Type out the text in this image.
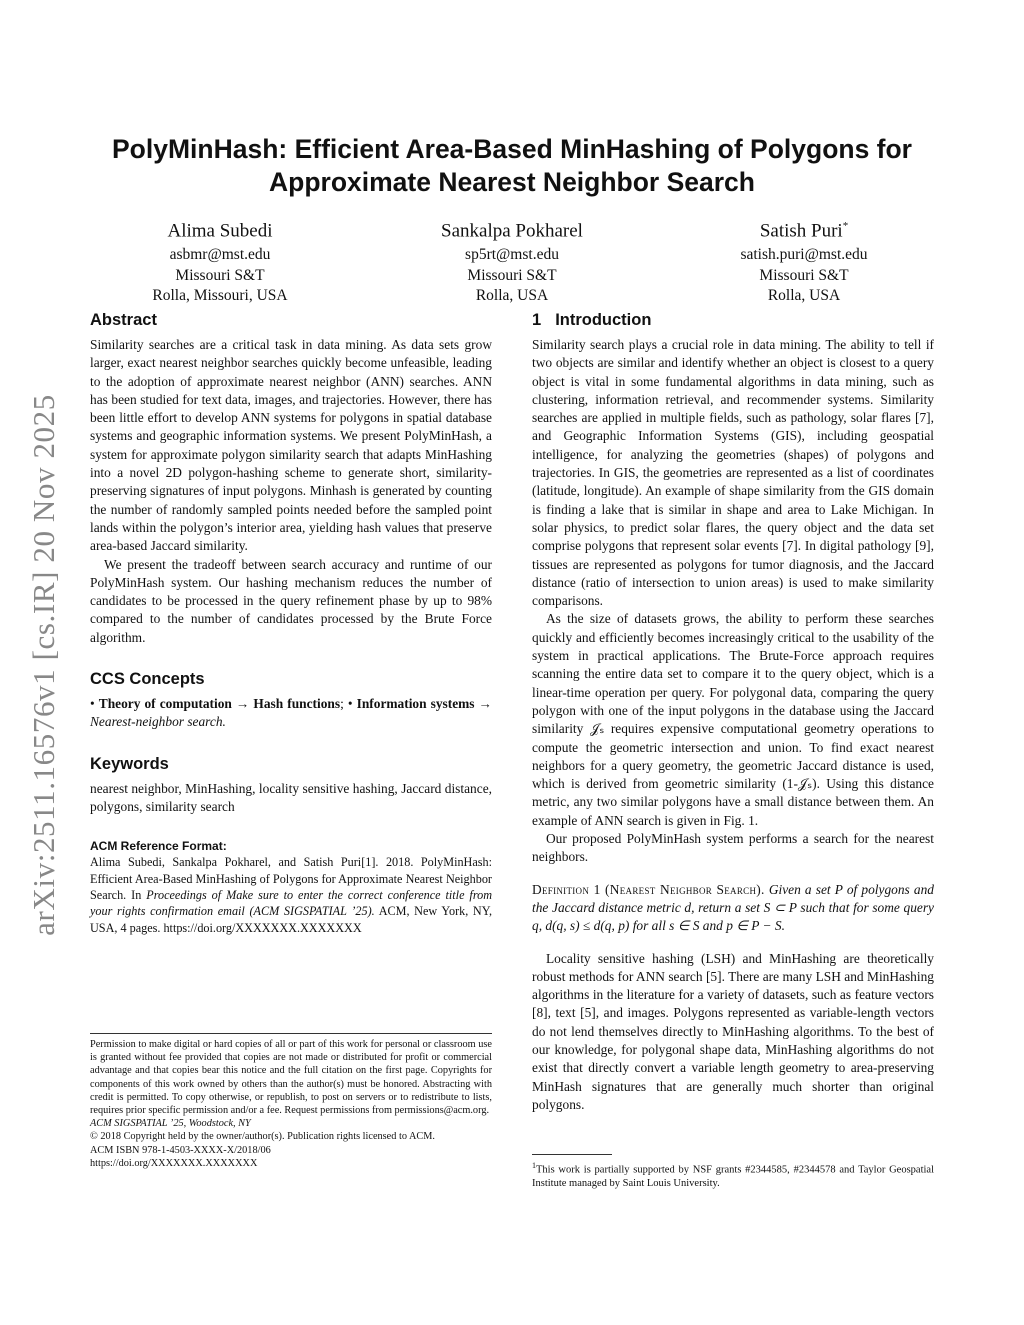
arXiv:2511.16576v1 [cs.IR] 20 Nov 2025
PolyMinHash: Efficient Area-Based MinHashing of Polygons for Approximate Nearest Neighbor Search
Alima Subedi
asbmr@mst.edu
Missouri S&T
Rolla, Missouri, USA
Sankalpa Pokharel
sp5rt@mst.edu
Missouri S&T
Rolla, USA
Satish Puri*
satish.puri@mst.edu
Missouri S&T
Rolla, USA
Abstract

Similarity searches are a critical task in data mining. As data sets grow larger, exact nearest neighbor searches quickly become unfeasible, leading to the adoption of approximate nearest neighbor (ANN) searches. ANN has been studied for text data, images, and trajectories. However, there has been little effort to develop ANN systems for polygons in spatial database systems and geographic information systems. We present PolyMinHash, a system for approximate polygon similarity search that adapts MinHashing into a novel 2D polygon-hashing scheme to generate short, similarity-preserving signatures of input polygons. Minhash is generated by counting the number of randomly sampled points needed before the sampled point lands within the polygon’s interior area, yielding hash values that preserve area-based Jaccard similarity.

We present the tradeoff between search accuracy and runtime of our PolyMinHash system. Our hashing mechanism reduces the number of candidates to be processed in the query refinement phase by up to 98% compared to the number of candidates processed by the Brute Force algorithm.

CCS Concepts

• Theory of computation → Hash functions; • Information systems → Nearest-neighbor search.

Keywords

nearest neighbor, MinHashing, locality sensitive hashing, Jaccard distance, polygons, similarity search

ACM Reference Format:

Alima Subedi, Sankalpa Pokharel, and Satish Puri[1]. 2018. PolyMinHash: Efficient Area-Based MinHashing of Polygons for Approximate Nearest Neighbor Search. In Proceedings of Make sure to enter the correct conference title from your rights confirmation email (ACM SIGSPATIAL ’25). ACM, New York, NY, USA, 4 pages. https://doi.org/XXXXXXX.XXXXXXX

Permission to make digital or hard copies of all or part of this work for personal or classroom use is granted without fee provided that copies are not made or distributed for profit or commercial advantage and that copies bear this notice and the full citation on the first page. Copyrights for components of this work owned by others than the author(s) must be honored. Abstracting with credit is permitted. To copy otherwise, or republish, to post on servers or to redistribute to lists, requires prior specific permission and/or a fee. Request permissions from permissions@acm.org.
ACM SIGSPATIAL ’25, Woodstock, NY
© 2018 Copyright held by the owner/author(s). Publication rights licensed to ACM.
ACM ISBN 978-1-4503-XXXX-X/2018/06
https://doi.org/XXXXXXX.XXXXXXX
1 Introduction

Similarity search plays a crucial role in data mining. The ability to tell if two objects are similar and identify whether an object is closest to a query object is vital in some fundamental algorithms in data mining, such as clustering, information retrieval, and recommender systems. Similarity searches are applied in multiple fields, such as pathology, solar flares [7], and Geographic Information Systems (GIS), including geospatial intelligence, for analyzing the geometries (shapes) of polygons and trajectories. In GIS, the geometries are represented as a list of coordinates (latitude, longitude). An example of shape similarity from the GIS domain is finding a lake that is similar in shape and area to Lake Michigan. In solar physics, to predict solar flares, the query object and the data set comprise polygons that represent solar events [7]. In digital pathology [9], tissues are represented as polygons for tumor diagnosis, and the Jaccard distance (ratio of intersection to union areas) is used to make similarity comparisons.

As the size of datasets grows, the ability to perform these searches quickly and efficiently becomes increasingly critical to the usability of the system in practical applications. The Brute-Force approach requires scanning the entire data set to compare it to the query object, which is a linear-time operation per query. For polygonal data, comparing the query polygon with one of the input polygons in the database using the Jaccard similarity 𝒥ₛ requires expensive computational geometry operations to compute the geometric intersection and union. To find exact nearest neighbors for a query geometry, the geometric Jaccard distance is used, which is derived from geometric similarity (1-𝒥ₛ). Using this distance metric, any two similar polygons have a small distance between them. An example of ANN search is given in Fig. 1.

Our proposed PolyMinHash system performs a search for the nearest neighbors.

Definition 1 (Nearest Neighbor Search). Given a set P of polygons and the Jaccard distance metric d, return a set S ⊂ P such that for some query q, d(q, s) ≤ d(q, p) for all s ∈ S and p ∈ P − S.

Locality sensitive hashing (LSH) and MinHashing are theoretically robust methods for ANN search [5]. There are many LSH and MinHashing algorithms in the literature for a variety of datasets, such as feature vectors [8], text [5], and images. Polygons represented as variable-length vectors do not lend themselves directly to MinHashing algorithms. To the best of our knowledge, for polygonal shape data, MinHashing algorithms do not exist that directly convert a variable length geometry to area-preserving MinHash signatures that are generally much shorter than original polygons.

$^1$This work is partially supported by NSF grants #2344585, #2344578 and Taylor Geospatial Institute managed by Saint Louis University.
